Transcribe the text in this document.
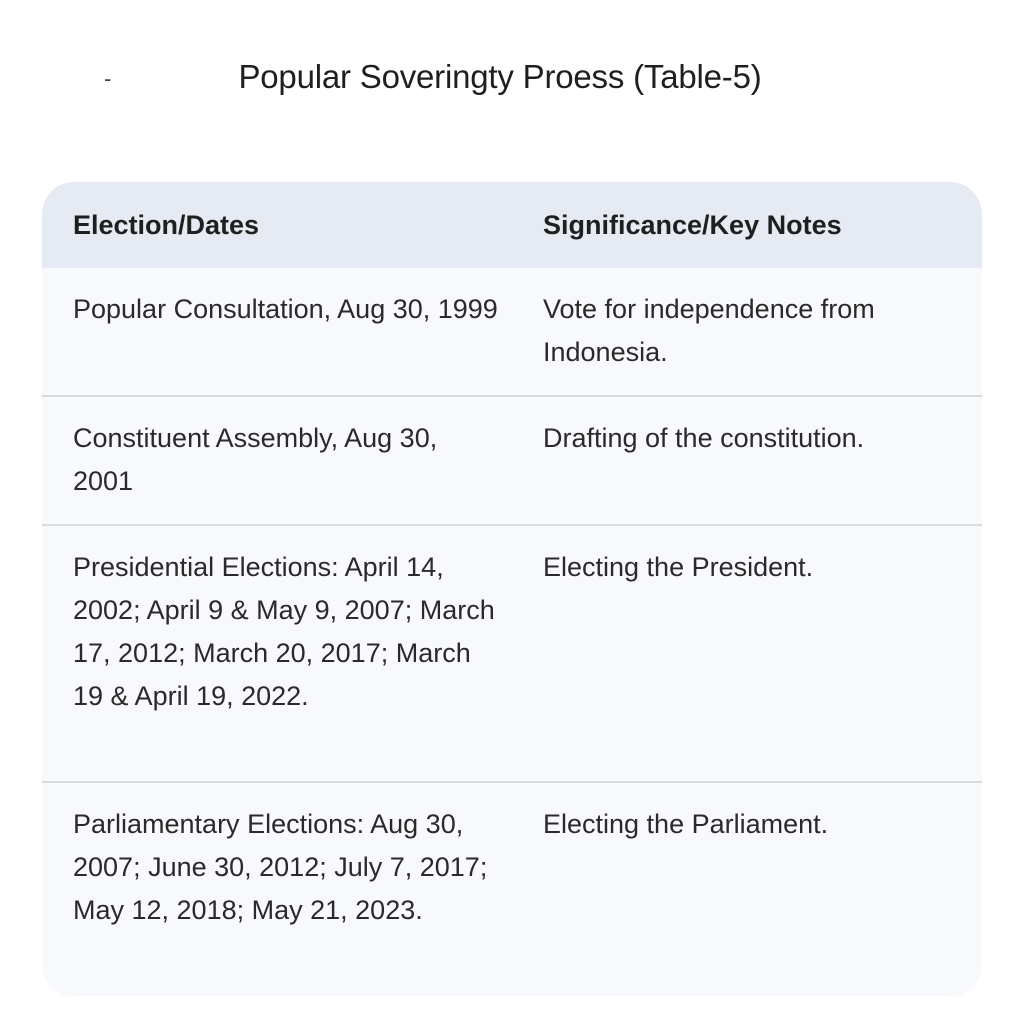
-	Popular Soveringty Proess (Table-5)
Election/Dates	Significance/Key Notes
Popular Consultation, Aug 30, 1999	Vote for independence from Indonesia.
Constituent Assembly, Aug 30, 2001	Drafting of the constitution.
Presidential Elections: April 14, 2002; April 9 & May 9, 2007; March 17, 2012; March 20, 2017; March 19 & April 19, 2022.	Electing the President.
Parliamentary Elections: Aug 30, 2007; June 30, 2012; July 7, 2017; May 12, 2018; May 21, 2023.	Electing the Parliament.
